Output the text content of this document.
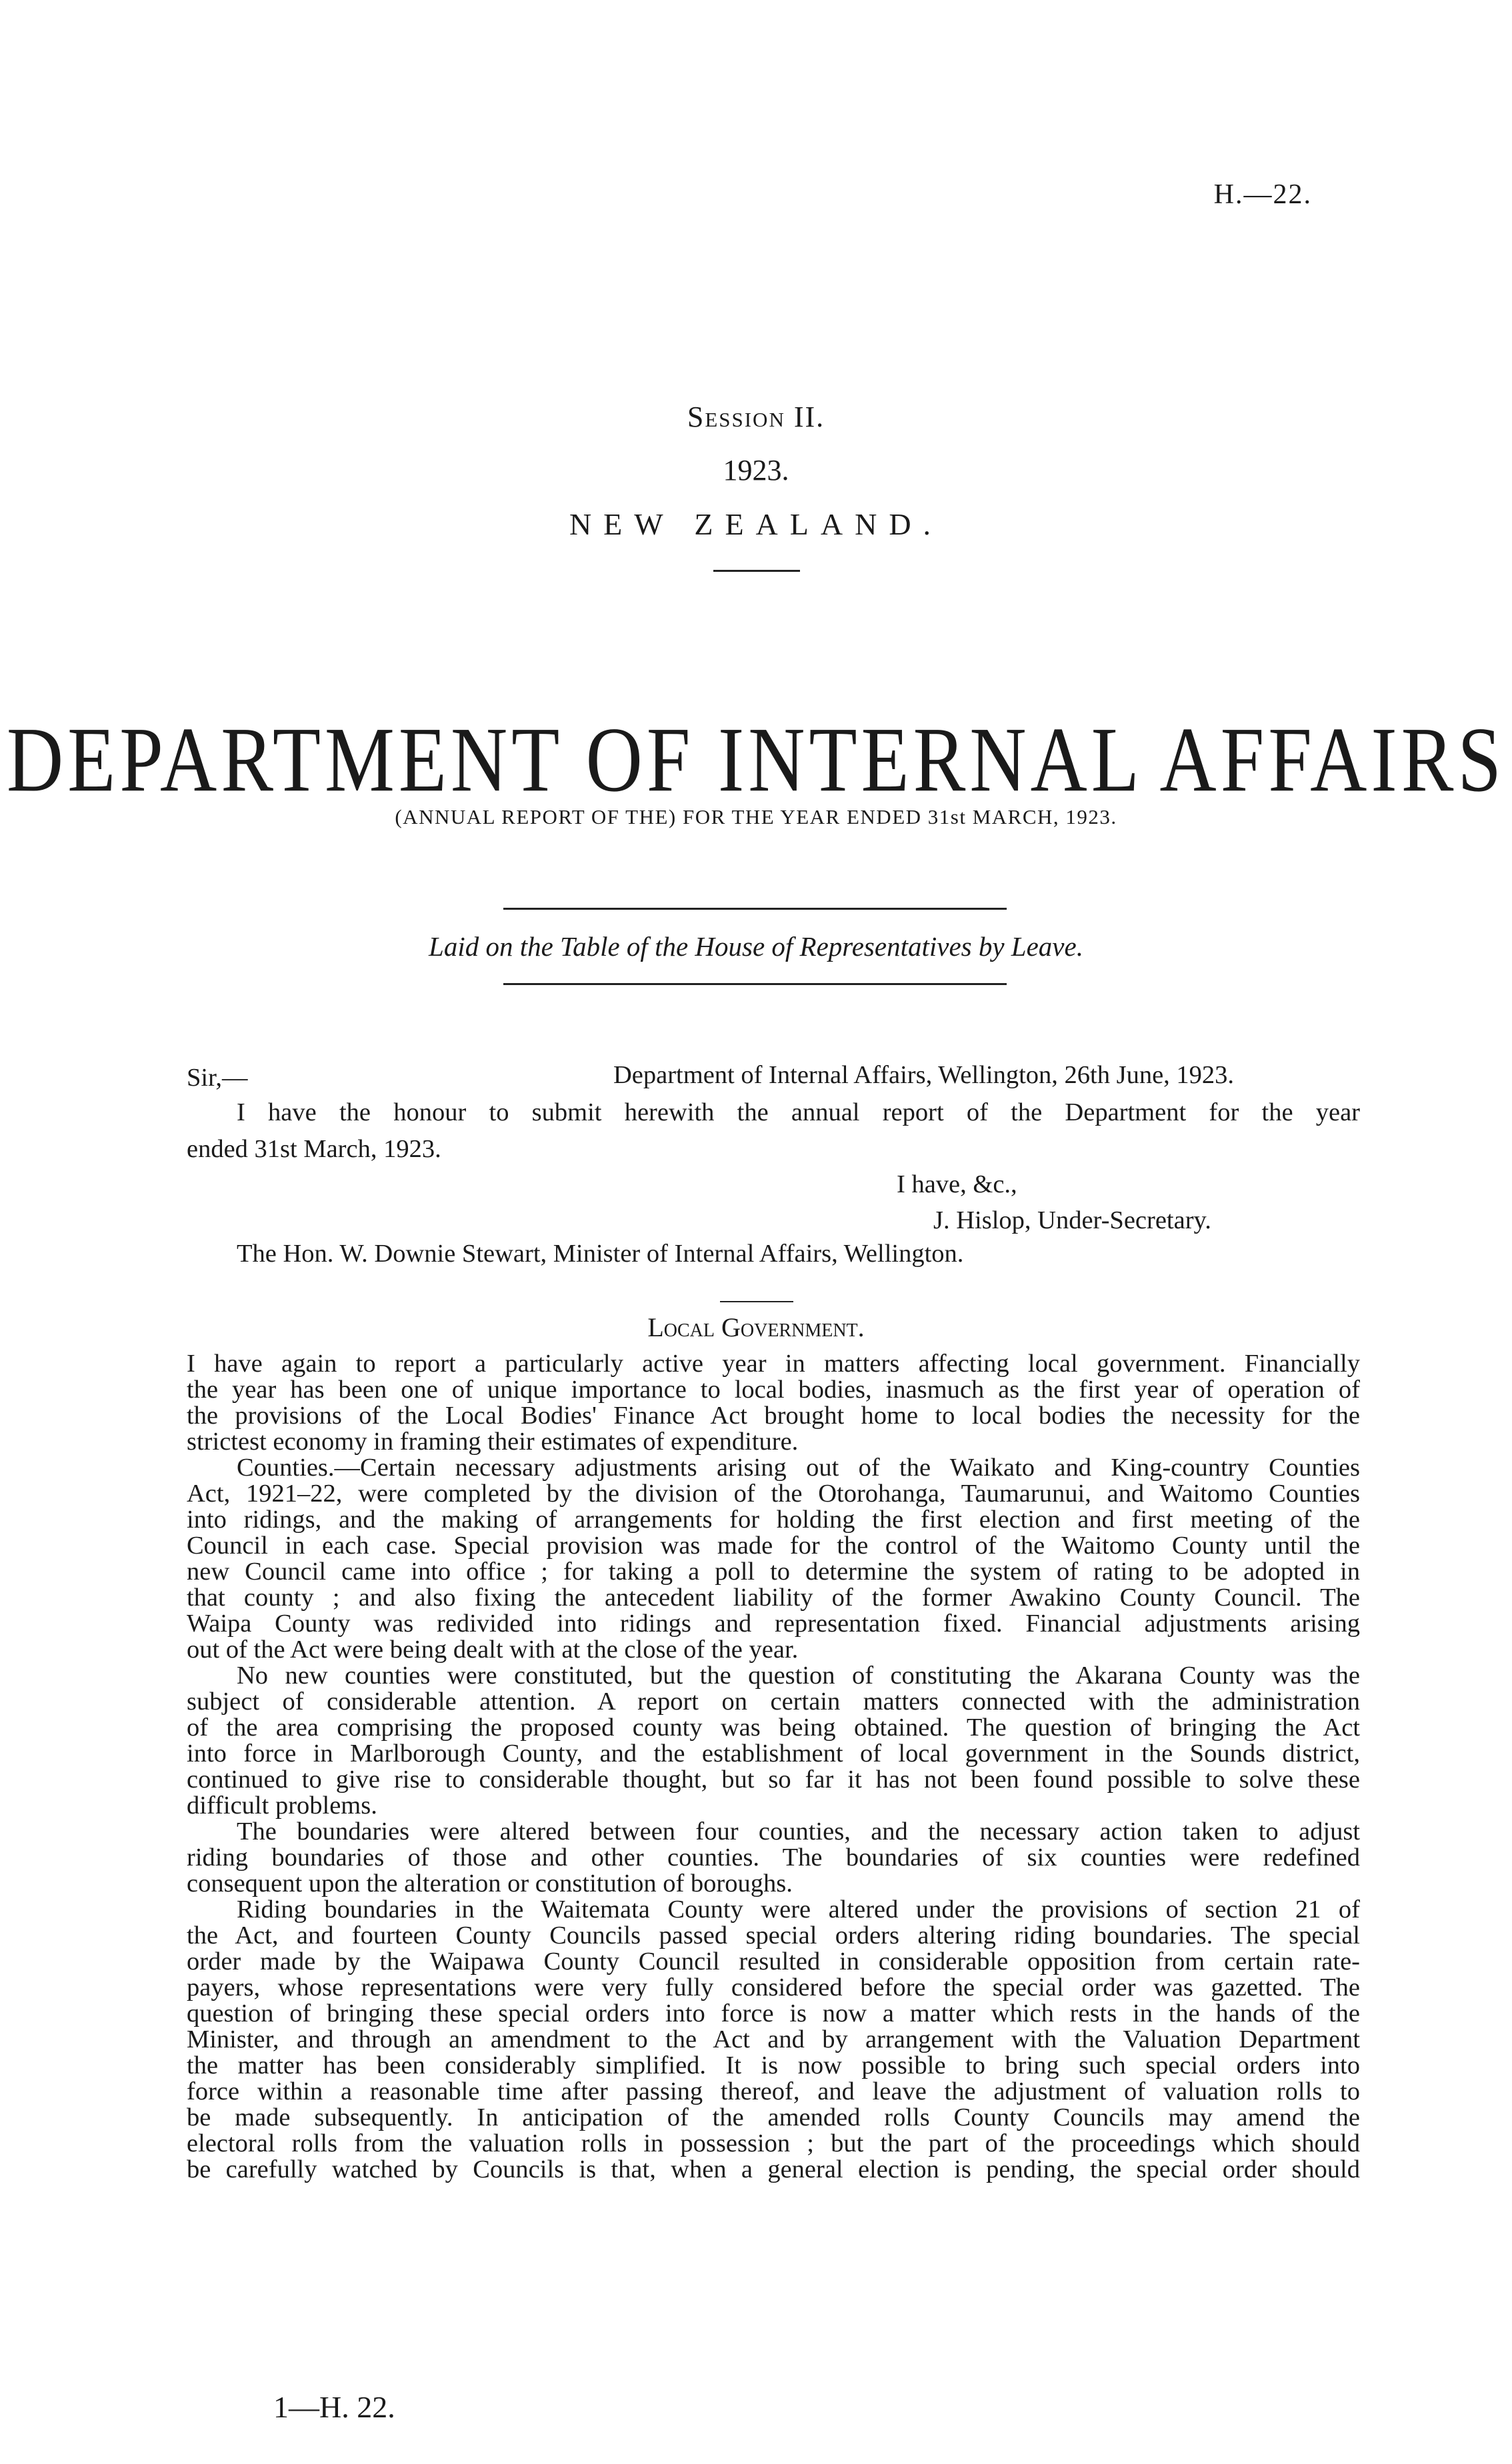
H.—22.
Session II.
1923.
NEW ZEALAND.
DEPARTMENT OF INTERNAL AFFAIRS
(ANNUAL REPORT OF THE) FOR THE YEAR ENDED 31st MARCH, 1923.
Laid on the Table of the House of Representatives by Leave.
Sir,—	Department of Internal Affairs, Wellington, 26th June, 1923.
I have the honour to submit herewith the annual report of the Department for the year
ended 31st March, 1923.
I have, &c.,
J. Hislop, Under-Secretary.
The Hon. W. Downie Stewart, Minister of Internal Affairs, Wellington.
Local Government.
I have again to report a particularly active year in matters affecting local government. Financially
the year has been one of unique importance to local bodies, inasmuch as the first year of operation of
the provisions of the Local Bodies' Finance Act brought home to local bodies the necessity for the
strictest economy in framing their estimates of expenditure.
Counties.—Certain necessary adjustments arising out of the Waikato and King-country Counties
Act, 1921–22, were completed by the division of the Otorohanga, Taumarunui, and Waitomo Counties
into ridings, and the making of arrangements for holding the first election and first meeting of the
Council in each case. Special provision was made for the control of the Waitomo County until the
new Council came into office ; for taking a poll to determine the system of rating to be adopted in
that county ; and also fixing the antecedent liability of the former Awakino County Council. The
Waipa County was redivided into ridings and representation fixed. Financial adjustments arising
out of the Act were being dealt with at the close of the year.
No new counties were constituted, but the question of constituting the Akarana County was the
subject of considerable attention. A report on certain matters connected with the administration
of the area comprising the proposed county was being obtained. The question of bringing the Act
into force in Marlborough County, and the establishment of local government in the Sounds district,
continued to give rise to considerable thought, but so far it has not been found possible to solve these
difficult problems.
The boundaries were altered between four counties, and the necessary action taken to adjust
riding boundaries of those and other counties. The boundaries of six counties were redefined
consequent upon the alteration or constitution of boroughs.
Riding boundaries in the Waitemata County were altered under the provisions of section 21 of
the Act, and fourteen County Councils passed special orders altering riding boundaries. The special
order made by the Waipawa County Council resulted in considerable opposition from certain rate-
payers, whose representations were very fully considered before the special order was gazetted. The
question of bringing these special orders into force is now a matter which rests in the hands of the
Minister, and through an amendment to the Act and by arrangement with the Valuation Department
the matter has been considerably simplified. It is now possible to bring such special orders into
force within a reasonable time after passing thereof, and leave the adjustment of valuation rolls to
be made subsequently. In anticipation of the amended rolls County Councils may amend the
electoral rolls from the valuation rolls in possession ; but the part of the proceedings which should
be carefully watched by Councils is that, when a general election is pending, the special order should
1—H. 22.
